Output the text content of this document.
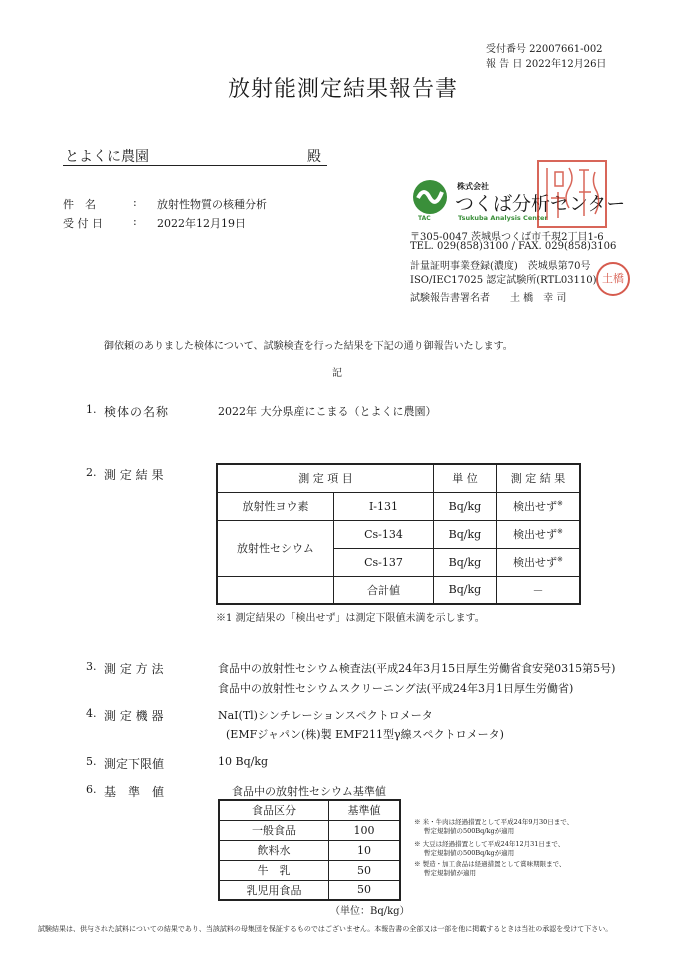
受付番号 22007661-002
報 告 日 2022年12月26日
放射能測定結果報告書
とよくに農園	殿
件　名	: 放射性物質の核種分析
受 付 日	: 2022年12月19日	TAC
株式会社
つくば分析センター
Tsukuba Analysis Center
〒305-0047 茨城県つくば市千現2丁目1-6
TEL. 029(858)3100 / FAX. 029(858)3106
計量証明事業登録(濃度)　茨城県第70号
ISO/IEC17025 認定試験所(RTL03110)
試験報告書署名者　　土 橋　幸 司
土橋
御依頼のありました検体について、試験検査を行った結果を下記の通り御報告いたします。
記
1. 検体の名称	2022年 大分県産にこまる（とよくに農園）
2. 測 定 結 果	測 定 項 目		単 位	測 定 結 果
放射性ヨウ素	I-131	Bq/kg	検出せず※
放射性セシウム	Cs-134	Bq/kg	検出せず※
	Cs-137	Bq/kg	検出せず※
	合計値	Bq/kg	－
※1 測定結果の「検出せず」は測定下限値未満を示します。
3. 測 定 方 法	食品中の放射性セシウム検査法(平成24年3月15日厚生労働省食安発0315第5号)
食品中の放射性セシウムスクリーニング法(平成24年3月1日厚生労働省)
4. 測 定 機 器	NaI(Tl)シンチレーションスペクトロメータ
(EMFジャパン(株)製 EMF211型γ線スペクトロメータ)
5. 測定下限値	10 Bq/kg
6. 基　準　値	食品中の放射性セシウム基準値
食品区分	基準値
一般食品	100
飲料水	10
牛　乳	50
乳児用食品	50
（単位：Bq/kg）
※ 米・牛肉は経過措置として平成24年9月30日まで、
暫定規制値の500Bq/kgが適用
※ 大豆は経過措置として平成24年12月31日まで、
暫定規制値の500Bq/kgが適用
※ 製造・加工食品は経過措置として賞味期限まで、
暫定規制値が適用
試験結果は、供与された試料についての結果であり、当該試料の母集団を保証するものではございません。本報告書の全部又は一部を他に掲載するときは当社の承認を受けて下さい。
